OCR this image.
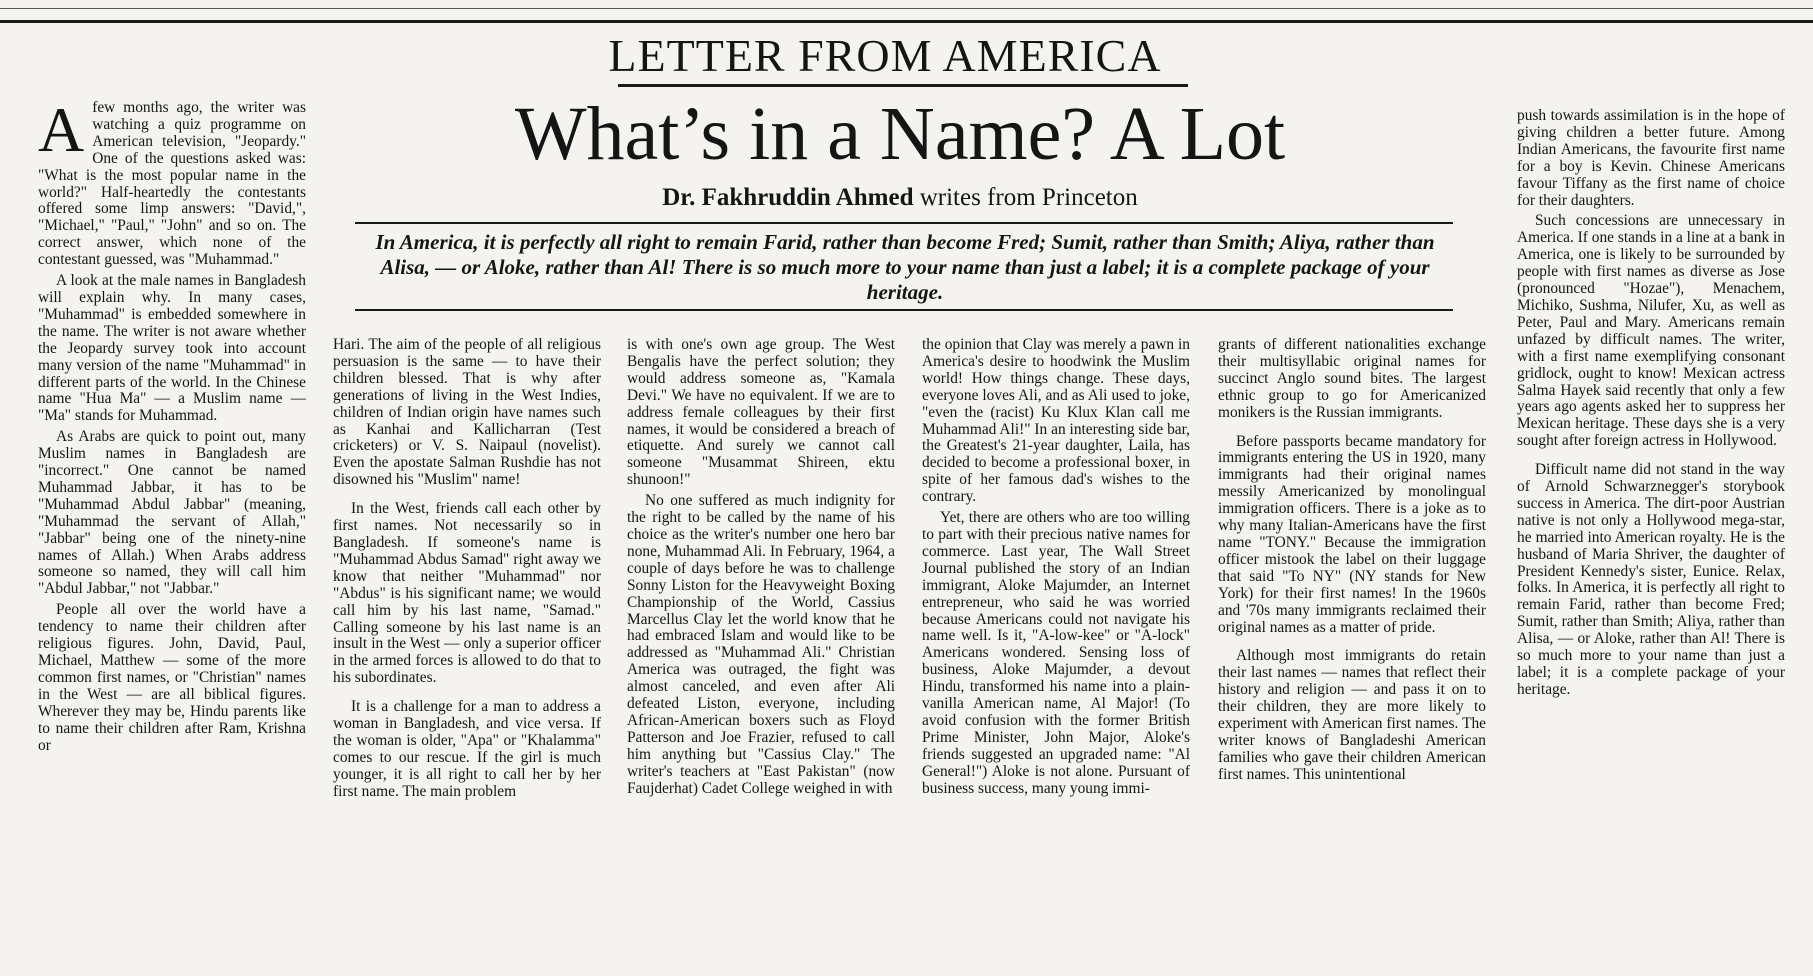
LETTER FROM AMERICA
What’s in a Name? A Lot
Dr. Fakhruddin Ahmed writes from Princeton
In America, it is perfectly all right to remain Farid, rather than become Fred; Sumit, rather than Smith; Aliya, rather than Alisa, — or Aloke, rather than Al! There is so much more to your name than just a label; it is a complete package of your heritage.

Afew months ago, the writer was watching a quiz programme on American television, "Jeopardy." One of the questions asked was: "What is the most popular name in the world?" Half-heartedly the contestants offered some limp answers: "David,", "Michael," "Paul," "John" and so on. The correct answer, which none of the contestant guessed, was "Muhammad."

A look at the male names in Bangladesh will explain why. In many cases, "Muhammad" is embedded somewhere in the name. The writer is not aware whether the Jeopardy survey took into account many version of the name "Muhammad" in different parts of the world. In the Chinese name "Hua Ma" — a Muslim name — "Ma" stands for Muhammad.

As Arabs are quick to point out, many Muslim names in Bangladesh are "incorrect." One cannot be named Muhammad Jabbar, it has to be "Muhammad Abdul Jabbar" (meaning, "Muhammad the servant of Allah," "Jabbar" being one of the ninety-nine names of Allah.) When Arabs address someone so named, they will call him "Abdul Jabbar," not "Jabbar."

People all over the world have a tendency to name their children after religious figures. John, David, Paul, Michael, Matthew — some of the more common first names, or "Christian" names in the West — are all biblical figures. Wherever they may be, Hindu parents like to name their children after Ram, Krishna or

Hari. The aim of the people of all religious persuasion is the same — to have their children blessed. That is why after generations of living in the West Indies, children of Indian origin have names such as Kanhai and Kallicharran (Test cricketers) or V. S. Naipaul (novelist). Even the apostate Salman Rushdie has not disowned his "Muslim" name!

In the West, friends call each other by first names. Not necessarily so in Bangladesh. If someone's name is "Muhammad Abdus Samad" right away we know that neither "Muhammad" nor "Abdus" is his significant name; we would call him by his last name, "Samad." Calling someone by his last name is an insult in the West — only a superior officer in the armed forces is allowed to do that to his subordinates.

It is a challenge for a man to address a woman in Bangladesh, and vice versa. If the woman is older, "Apa" or "Khalamma" comes to our rescue. If the girl is much younger, it is all right to call her by her first name. The main problem

is with one's own age group. The West Bengalis have the perfect solution; they would address someone as, "Kamala Devi." We have no equivalent. If we are to address female colleagues by their first names, it would be considered a breach of etiquette. And surely we cannot call someone "Musammat Shireen, ektu shunoon!"

No one suffered as much indignity for the right to be called by the name of his choice as the writer's number one hero bar none, Muhammad Ali. In February, 1964, a couple of days before he was to challenge Sonny Liston for the Heavyweight Boxing Championship of the World, Cassius Marcellus Clay let the world know that he had embraced Islam and would like to be addressed as "Muhammad Ali." Christian America was outraged, the fight was almost canceled, and even after Ali defeated Liston, everyone, including African-American boxers such as Floyd Patterson and Joe Frazier, refused to call him anything but "Cassius Clay." The writer's teachers at "East Pakistan" (now Faujderhat) Cadet College weighed in with

the opinion that Clay was merely a pawn in America's desire to hoodwink the Muslim world! How things change. These days, everyone loves Ali, and as Ali used to joke, "even the (racist) Ku Klux Klan call me Muhammad Ali!" In an interesting side bar, the Greatest's 21-year daughter, Laila, has decided to become a professional boxer, in spite of her famous dad's wishes to the contrary.

Yet, there are others who are too willing to part with their precious native names for commerce. Last year, The Wall Street Journal published the story of an Indian immigrant, Aloke Majumder, an Internet entrepreneur, who said he was worried because Americans could not navigate his name well. Is it, "A-low-kee" or "A-lock" Americans wondered. Sensing loss of business, Aloke Majumder, a devout Hindu, transformed his name into a plain-vanilla American name, Al Major! (To avoid confusion with the former British Prime Minister, John Major, Aloke's friends suggested an upgraded name: "Al General!") Aloke is not alone. Pursuant of business success, many young immi-

grants of different nationalities exchange their multisyllabic original names for succinct Anglo sound bites. The largest ethnic group to go for Americanized monikers is the Russian immigrants.

Before passports became mandatory for immigrants entering the US in 1920, many immigrants had their original names messily Americanized by monolingual immigration officers. There is a joke as to why many Italian-Americans have the first name "TONY." Because the immigration officer mistook the label on their luggage that said "To NY" (NY stands for New York) for their first names! In the 1960s and '70s many immigrants reclaimed their original names as a matter of pride.

Although most immigrants do retain their last names — names that reflect their history and religion — and pass it on to their children, they are more likely to experiment with American first names. The writer knows of Bangladeshi American families who gave their children American first names. This unintentional

push towards assimilation is in the hope of giving children a better future. Among Indian Americans, the favourite first name for a boy is Kevin. Chinese Americans favour Tiffany as the first name of choice for their daughters.

Such concessions are unnecessary in America. If one stands in a line at a bank in America, one is likely to be surrounded by people with first names as diverse as Jose (pronounced "Hozae"), Menachem, Michiko, Sushma, Nilufer, Xu, as well as Peter, Paul and Mary. Americans remain unfazed by difficult names. The writer, with a first name exemplifying consonant gridlock, ought to know! Mexican actress Salma Hayek said recently that only a few years ago agents asked her to suppress her Mexican heritage. These days she is a very sought after foreign actress in Hollywood.

Difficult name did not stand in the way of Arnold Schwarznegger's storybook success in America. The dirt-poor Austrian native is not only a Hollywood mega-star, he married into American royalty. He is the husband of Maria Shriver, the daughter of President Kennedy's sister, Eunice. Relax, folks. In America, it is perfectly all right to remain Farid, rather than become Fred; Sumit, rather than Smith; Aliya, rather than Alisa, — or Aloke, rather than Al! There is so much more to your name than just a label; it is a complete package of your heritage.
